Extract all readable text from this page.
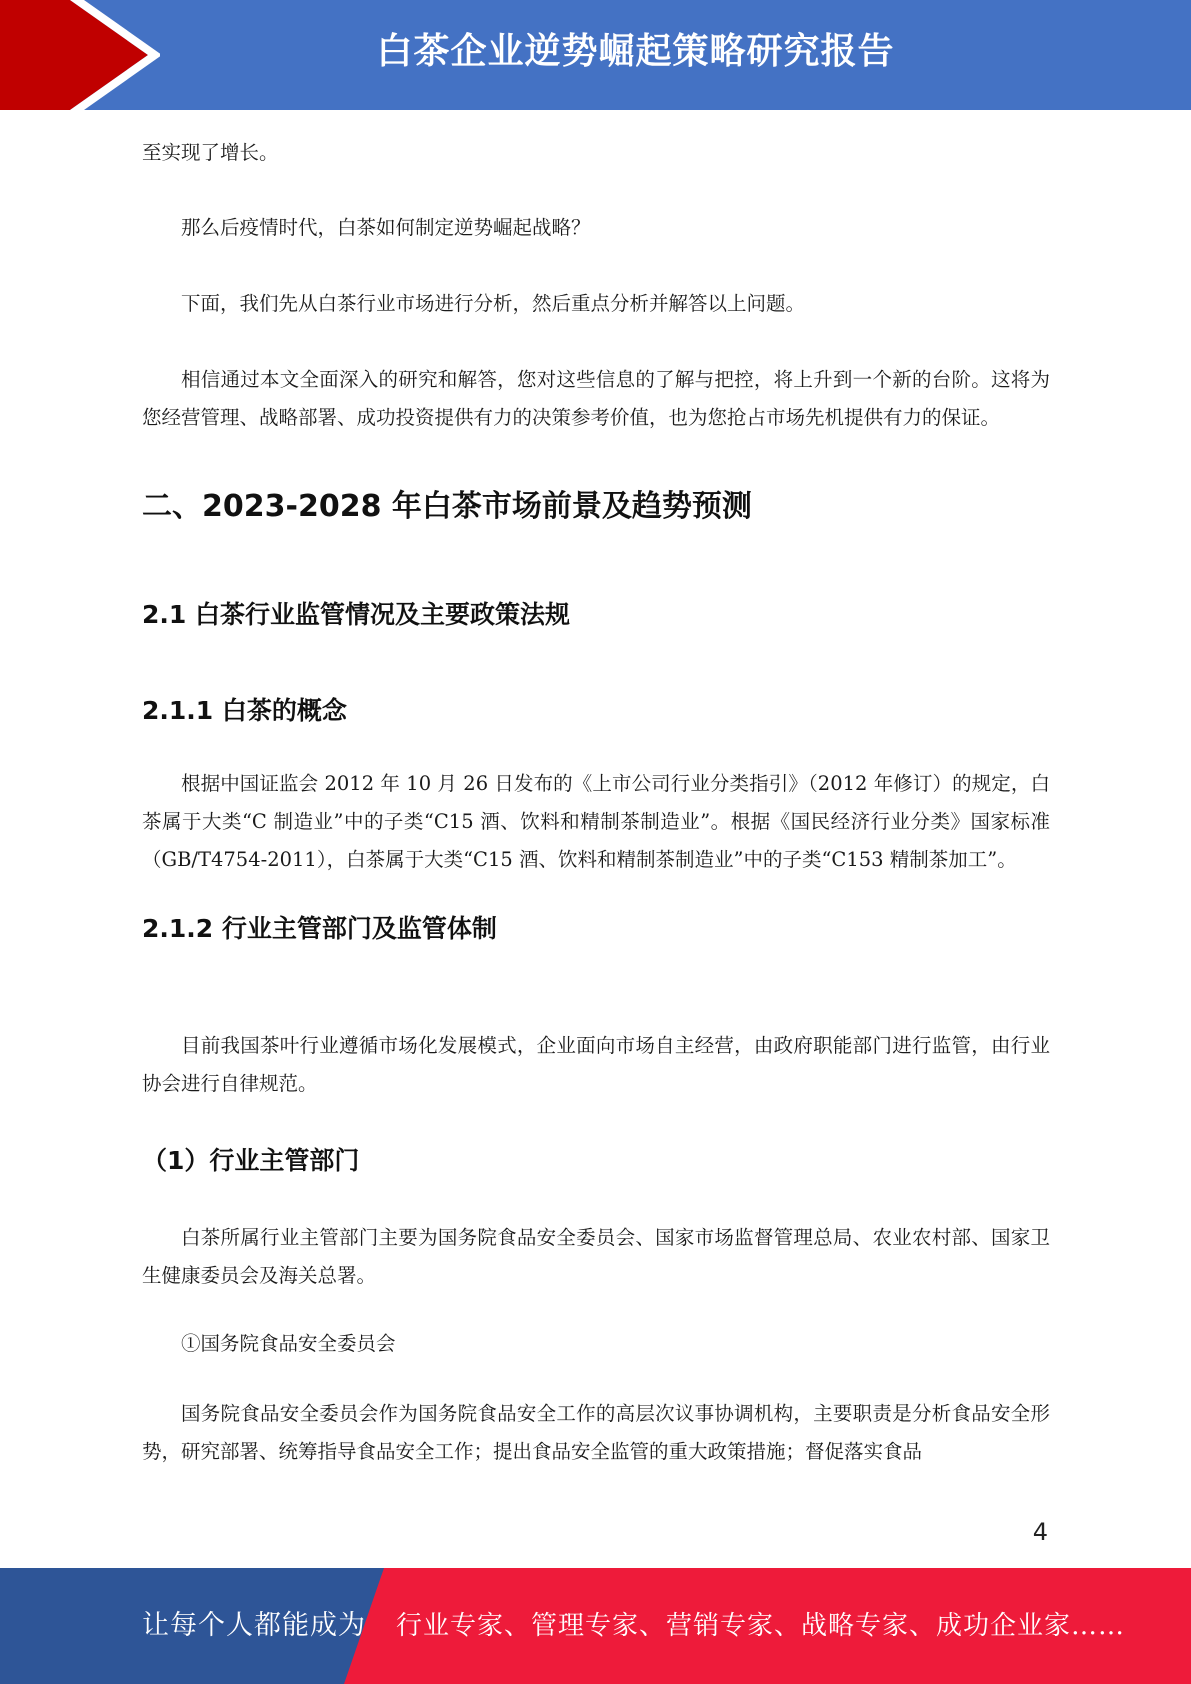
白茶企业逆势崛起策略研究报告

至实现了增长。

那么后疫情时代，白茶如何制定逆势崛起战略？

下面，我们先从白茶行业市场进行分析，然后重点分析并解答以上问题。

相信通过本文全面深入的研究和解答，您对这些信息的了解与把控，将上升到一个新的台阶。这将为您经营管理、战略部署、成功投资提供有力的决策参考价值，也为您抢占市场先机提供有力的保证。

二、2023-2028 年白茶市场前景及趋势预测
2.1 白茶行业监管情况及主要政策法规
2.1.1 白茶的概念

根据中国证监会 2012 年 10 月 26 日发布的《上市公司行业分类指引》（2012 年修订）的规定，白茶属于大类“C 制造业”中的子类“C15 酒、饮料和精制茶制造业”。根据《国民经济行业分类》国家标准（GB/T4754-2011），白茶属于大类“C15 酒、饮料和精制茶制造业”中的子类“C153 精制茶加工”。

2.1.2 行业主管部门及监管体制

目前我国茶叶行业遵循市场化发展模式，企业面向市场自主经营，由政府职能部门进行监管，由行业协会进行自律规范。

（1）行业主管部门

白茶所属行业主管部门主要为国务院食品安全委员会、国家市场监督管理总局、农业农村部、国家卫生健康委员会及海关总署。

①国务院食品安全委员会

国务院食品安全委员会作为国务院食品安全工作的高层次议事协调机构，主要职责是分析食品安全形势，研究部署、统筹指导食品安全工作；提出食品安全监管的重大政策措施；督促落实食品

4
让每个人都能成为 行业专家、管理专家、营销专家、战略专家、成功企业家……
